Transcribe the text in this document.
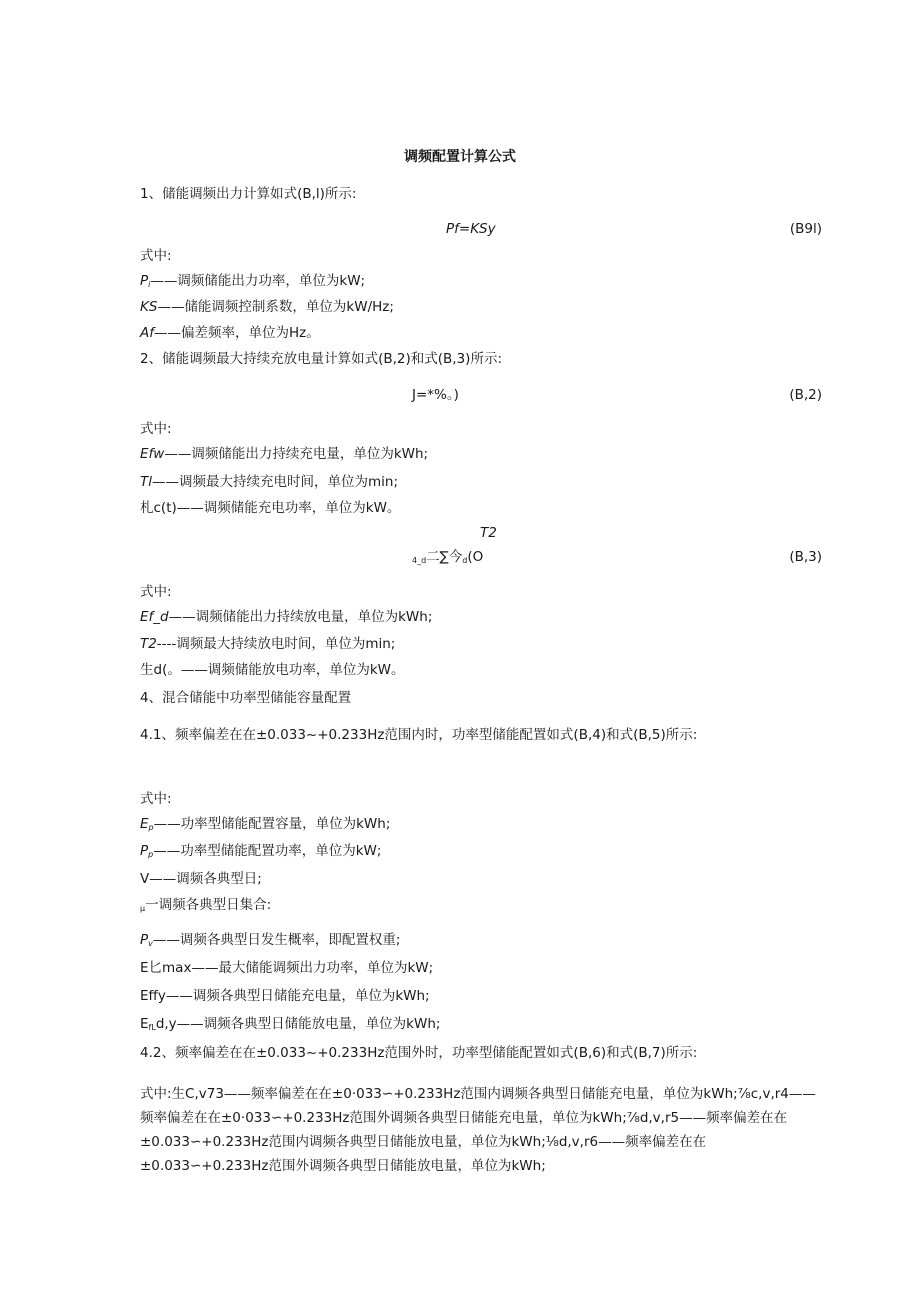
调频配置计算公式
1、储能调频出力计算如式(B,l)所示:
Pf=KSy	(B9l)
式中:
$P_i——$调频储能出力功率，单位为kW;
KS——储能调频控制系数，单位为kW/Hz;
Af——偏差频率，单位为Hz。
2、储能调频最大持续充放电量计算如式(B,2)和式(B,3)所示:
J=*%。)	(B,2)
式中:
Efw——调频储能出力持续充电量，单位为kWh;
Tl——调频最大持续充电时间，单位为min;
札c(t)——调频储能充电功率，单位为kW。
T2
$_{4\_d}$二∑今$_d$(O	(B,3)
式中:
Ef_d——调频储能出力持续放电量，单位为kWh;
T2----调频最大持续放电时间，单位为min;
生d(。——调频储能放电功率，单位为kW。
4、混合储能中功率型储能容量配置
4.1、频率偏差在在±0.033~+0.233Hz范围内时，功率型储能配置如式(B,4)和式(B,5)所示:
式中:
$E_p——$功率型储能配置容量，单位为kWh;
$P_p——$功率型储能配置功率，单位为kW;
V——调频各典型日;
$_\mu$一调频各典型日集合:
$P_v——$调频各典型日发生概率，即配置权重;
E匕max——最大储能调频出力功率，单位为kW;
Effy——调频各典型日储能充电量，单位为kWh;
$E_{fL}d,y——$调频各典型日储能放电量，单位为kWh;
4.2、频率偏差在在±0.033~+0.233Hz范围外时，功率型储能配置如式(B,6)和式(B,7)所示:
式中:生C,v73——频率偏差在在±0·033∽+0.233Hz范围内调频各典型日储能充电量，单位为kWh;⅞c,v,r4——频率偏差在在±0·033∽+0.233Hz范围外调频各典型日储能充电量，单位为kWh;⅞d,v,r5——频率偏差在在±0.033∽+0.233Hz范围内调频各典型日储能放电量，单位为kWh;⅛d,v,r6——频率偏差在在±0.033∽+0.233Hz范围外调频各典型日储能放电量，单位为kWh;
